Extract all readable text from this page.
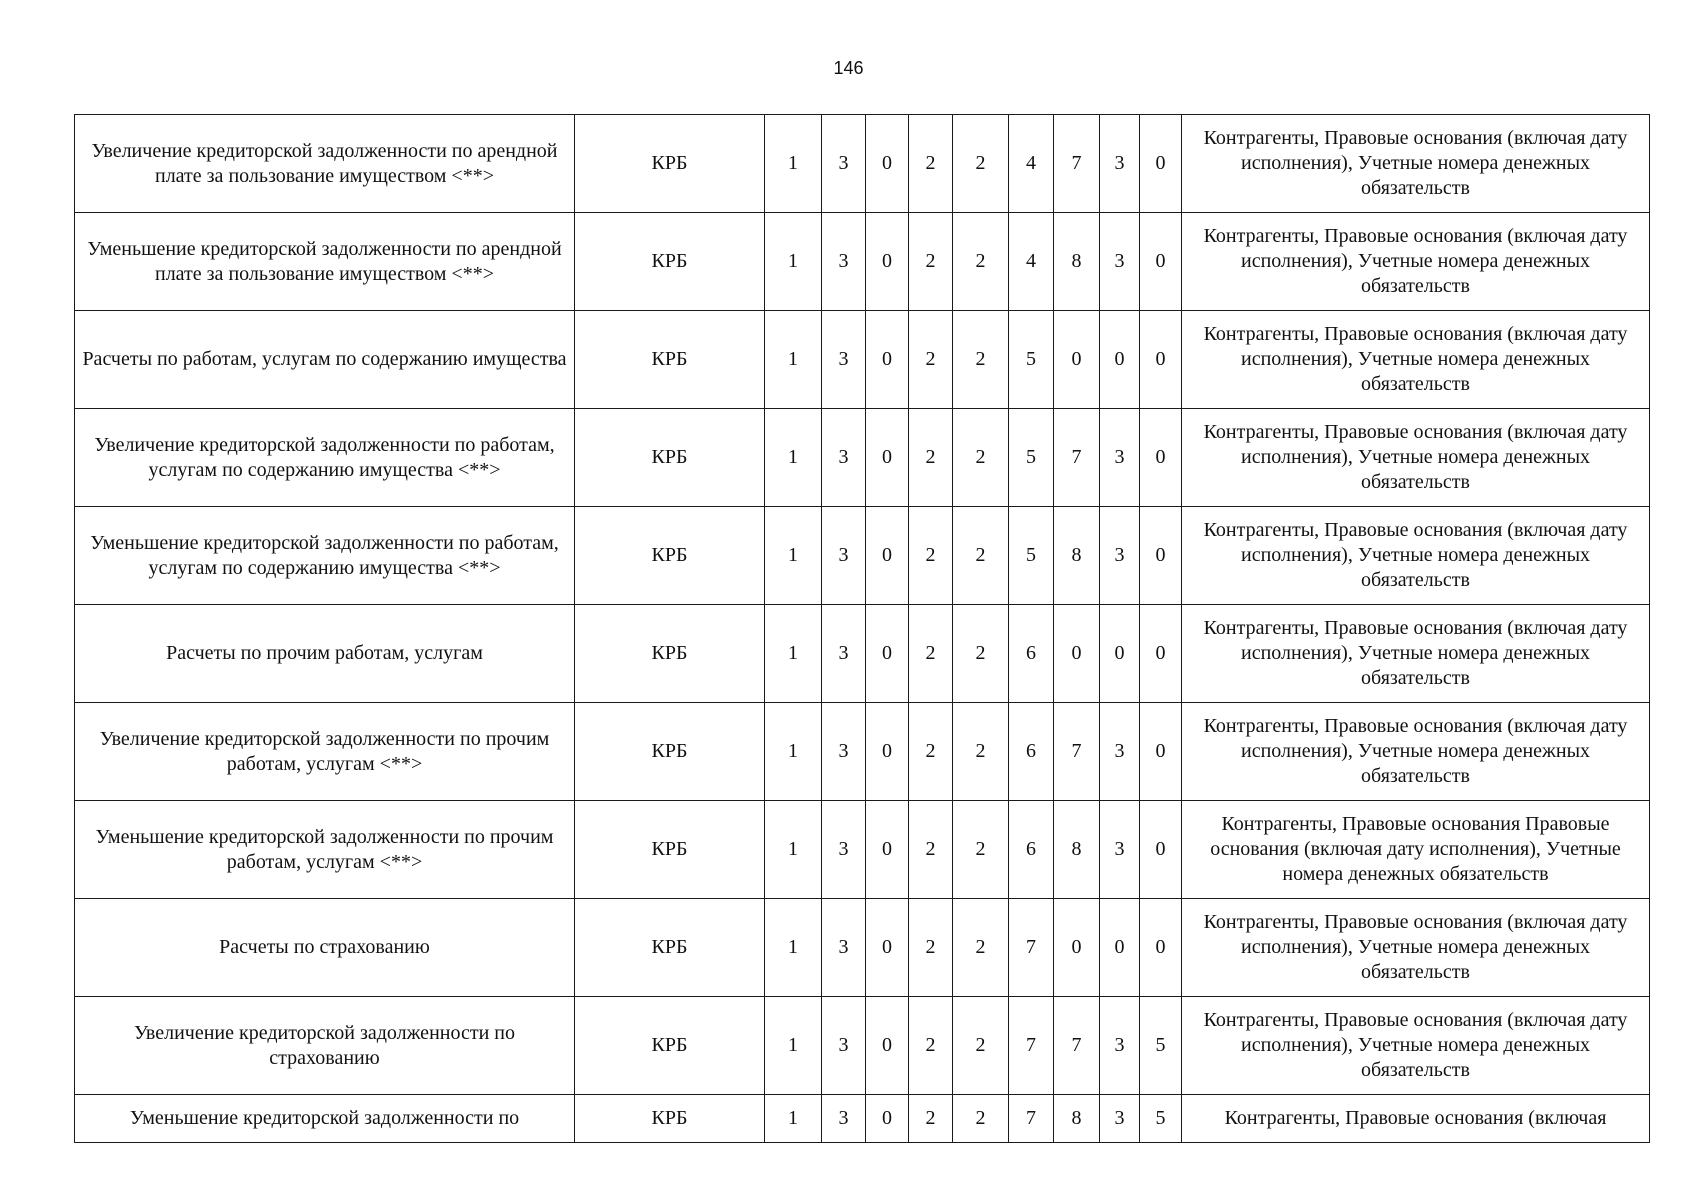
146
Увеличение кредиторской задолженности по арендной плате за пользование имуществом <**>	КРБ	1	3	0	2	2	4	7	3	0	Контрагенты, Правовые основания (включая дату исполнения), Учетные номера денежных обязательств
Уменьшение кредиторской задолженности по арендной плате за пользование имуществом <**>	КРБ	1	3	0	2	2	4	8	3	0	Контрагенты, Правовые основания (включая дату исполнения), Учетные номера денежных обязательств
Расчеты по работам, услугам по содержанию имущества	КРБ	1	3	0	2	2	5	0	0	0	Контрагенты, Правовые основания (включая дату исполнения), Учетные номера денежных обязательств
Увеличение кредиторской задолженности по работам, услугам по содержанию имущества <**>	КРБ	1	3	0	2	2	5	7	3	0	Контрагенты, Правовые основания (включая дату исполнения), Учетные номера денежных обязательств
Уменьшение кредиторской задолженности по работам, услугам по содержанию имущества <**>	КРБ	1	3	0	2	2	5	8	3	0	Контрагенты, Правовые основания (включая дату исполнения), Учетные номера денежных обязательств
Расчеты по прочим работам, услугам	КРБ	1	3	0	2	2	6	0	0	0	Контрагенты, Правовые основания (включая дату исполнения), Учетные номера денежных обязательств
Увеличение кредиторской задолженности по прочим работам, услугам <**>	КРБ	1	3	0	2	2	6	7	3	0	Контрагенты, Правовые основания (включая дату исполнения), Учетные номера денежных обязательств
Уменьшение кредиторской задолженности по прочим работам, услугам <**>	КРБ	1	3	0	2	2	6	8	3	0	Контрагенты, Правовые основания Правовые основания (включая дату исполнения), Учетные номера денежных обязательств
Расчеты по страхованию	КРБ	1	3	0	2	2	7	0	0	0	Контрагенты, Правовые основания (включая дату исполнения), Учетные номера денежных обязательств
Увеличение кредиторской задолженности по страхованию	КРБ	1	3	0	2	2	7	7	3	5	Контрагенты, Правовые основания (включая дату исполнения), Учетные номера денежных обязательств
Уменьшение кредиторской задолженности по	КРБ	1	3	0	2	2	7	8	3	5	Контрагенты, Правовые основания (включая
